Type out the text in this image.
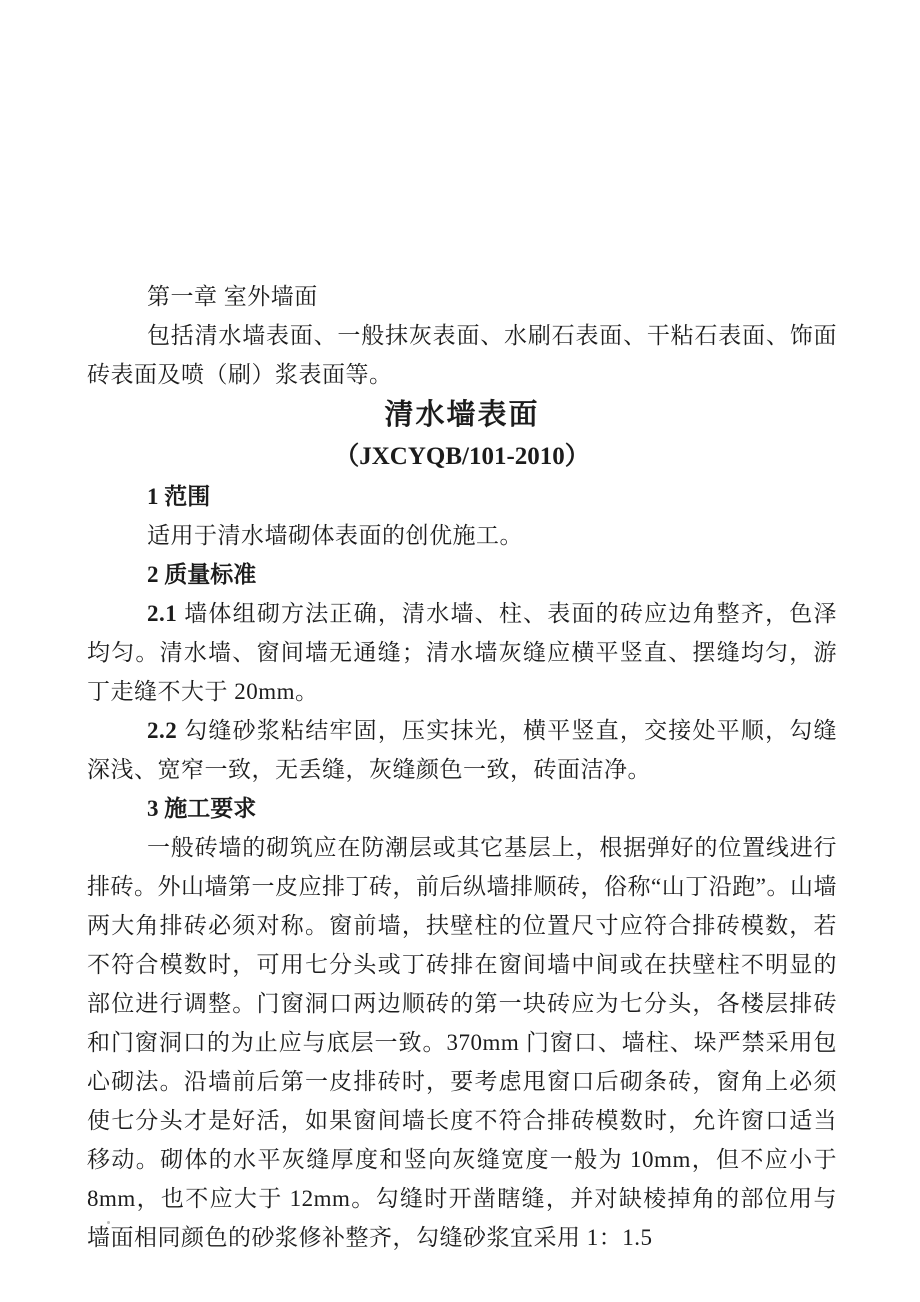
第一章 室外墙面

包括清水墙表面、一般抹灰表面、水刷石表面、干粘石表面、饰面砖表面及喷（刷）浆表面等。

清水墙表面
（JXCYQB/101-2010）
1 范围

适用于清水墙砌体表面的创优施工。

2 质量标准

2.1 墙体组砌方法正确，清水墙、柱、表面的砖应边角整齐，色泽均匀。清水墙、窗间墙无通缝；清水墙灰缝应横平竖直、摆缝均匀，游丁走缝不大于 20mm。

2.2 勾缝砂浆粘结牢固，压实抹光，横平竖直，交接处平顺，勾缝深浅、宽窄一致，无丢缝，灰缝颜色一致，砖面洁净。

3 施工要求

一般砖墙的砌筑应在防潮层或其它基层上，根据弹好的位置线进行排砖。外山墙第一皮应排丁砖，前后纵墙排顺砖，俗称“山丁沿跑”。山墙两大角排砖必须对称。窗前墙，扶壁柱的位置尺寸应符合排砖模数，若不符合模数时，可用七分头或丁砖排在窗间墙中间或在扶壁柱不明显的部位进行调整。门窗洞口两边顺砖的第一块砖应为七分头，各楼层排砖和门窗洞口的为止应与底层一致。370mm 门窗口、墙柱、垛严禁采用包心砌法。沿墙前后第一皮排砖时，要考虑甩窗口后砌条砖，窗角上必须使七分头才是好活，如果窗间墙长度不符合排砖模数时，允许窗口适当移动。砌体的水平灰缝厚度和竖向灰缝宽度一般为 10mm，但不应小于 8mm，也不应大于 12mm。勾缝时开凿瞎缝，并对缺棱掉角的部位用与墙面相同颜色的砂浆修补整齐，勾缝砂浆宜采用 1：1.5
